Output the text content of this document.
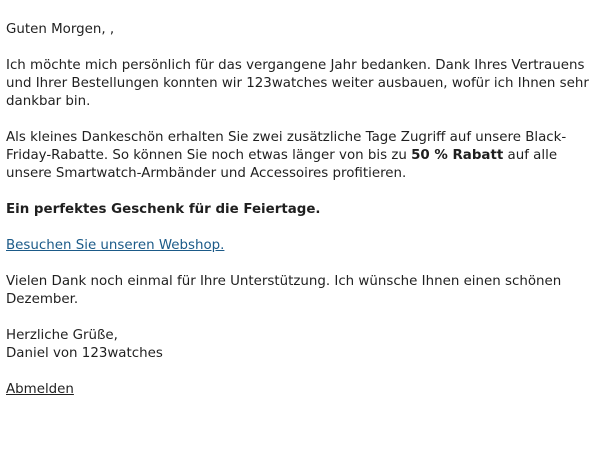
Guten Morgen, ,

Ich möchte mich persönlich für das vergangene Jahr bedanken. Dank Ihres Vertrauens und Ihrer Bestellungen konnten wir 123watches weiter ausbauen, wofür ich Ihnen sehr dankbar bin.

Als kleines Dankeschön erhalten Sie zwei zusätzliche Tage Zugriff auf unsere Black-Friday-Rabatte. So können Sie noch etwas länger von bis zu 50 % Rabatt auf alle unsere Smartwatch-Armbänder und Accessoires profitieren.

Ein perfektes Geschenk für die Feiertage.

Besuchen Sie unseren Webshop.

Vielen Dank noch einmal für Ihre Unterstützung. Ich wünsche Ihnen einen schönen Dezember.

Herzliche Grüße,
Daniel von 123watches

Abmelden
